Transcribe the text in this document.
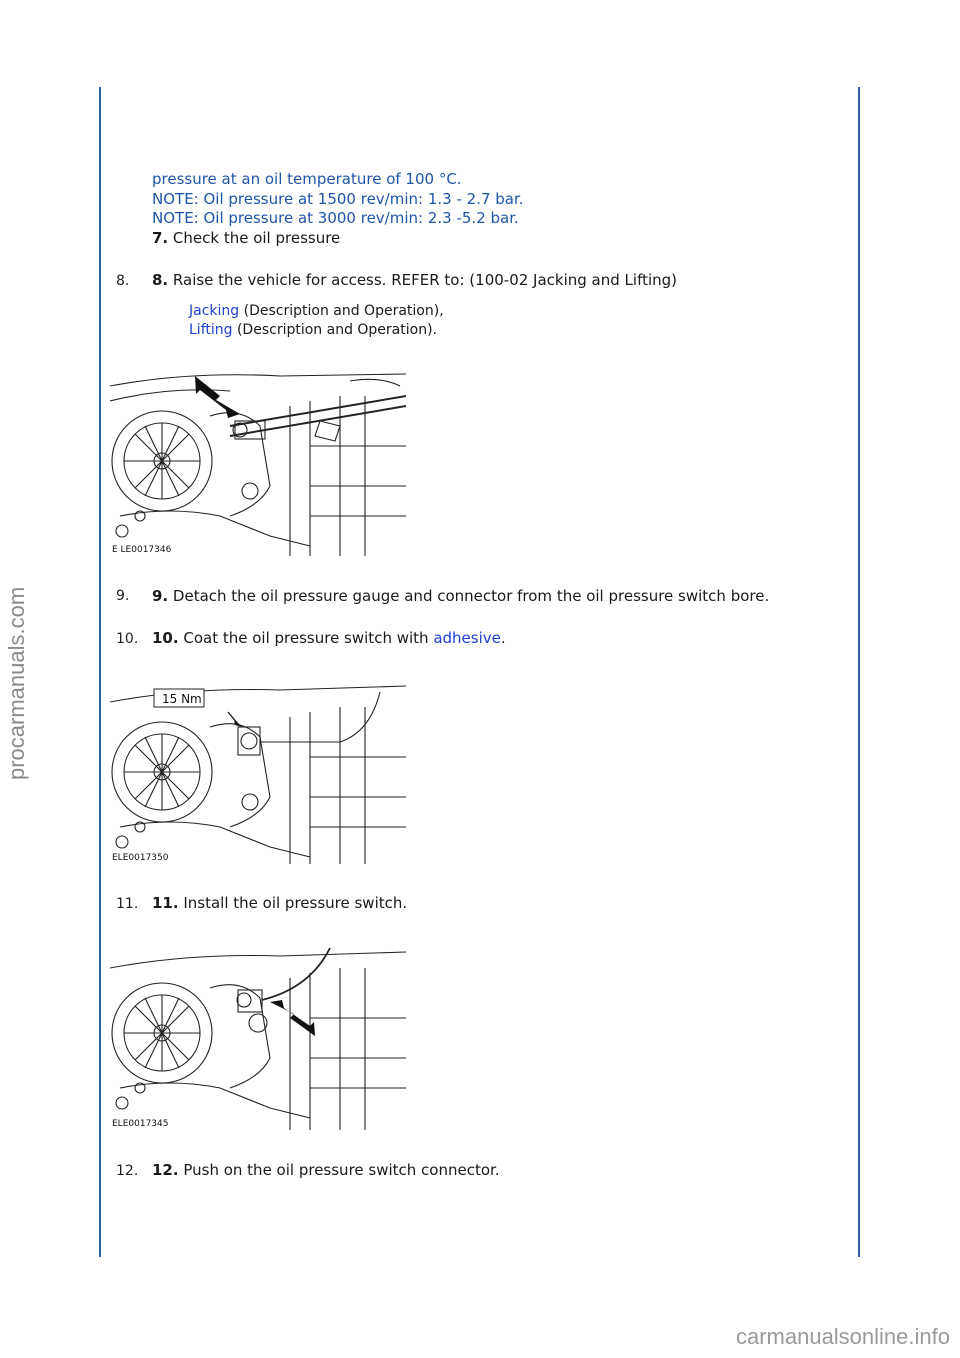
pressure at an oil temperature of 100 °C.
NOTE: Oil pressure at 1500 rev/min: 1.3 - 2.7 bar.
NOTE: Oil pressure at 3000 rev/min: 2.3 -5.2 bar.
7. Check the oil pressure
8. 8. Raise the vehicle for access. REFER to: (100-02 Jacking and Lifting)
Jacking (Description and Operation),
Lifting (Description and Operation).
E LE0017346
9. 9. Detach the oil pressure gauge and connector from the oil pressure switch bore.
10. 10. Coat the oil pressure switch with adhesive.
15 Nm
ELE0017350
11. 11. Install the oil pressure switch.
ELE0017345
12. 12. Push on the oil pressure switch connector.
procarmanuals.com
carmanualsonline.info
